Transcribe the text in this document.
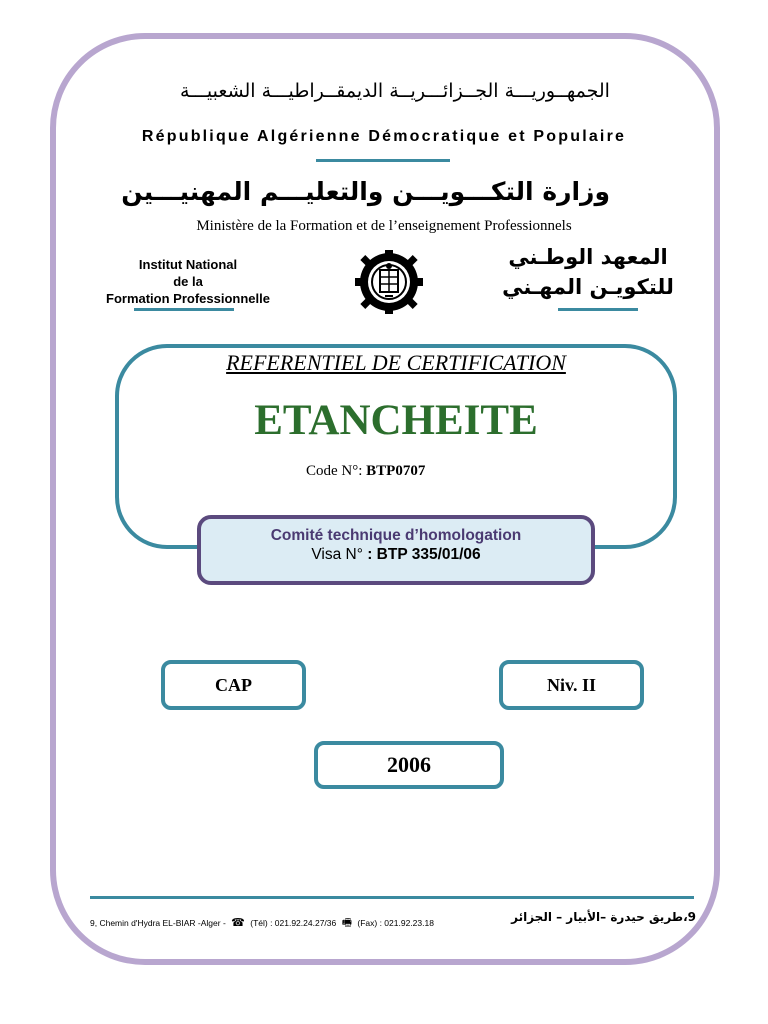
الجمهــوريـــة الجــزائـــريــة الديمقــراطيـــة الشعبيـــة
République Algérienne Démocratique et Populaire
وزارة التكـــويـــن والتعليـــم المهنيـــين
Ministère de la Formation et de l’enseignement Professionnels
Institut National
de la
Formation Professionnelle
المعهد الوطـني
للتكويـن المهـني
REFERENTIEL DE CERTIFICATION
ETANCHEITE
Code N°: BTP0707
Comité technique d’homologation
Visa N° : BTP 335/01/06
CAP	Niv. II
2006
9, Chemin d'Hydra EL-BIAR -Alger - ☎ (Tél) : 021.92.24.27/36 🖷 (Fax) : 021.92.23.18	9،طريق حيدرة –الأبيار – الجزائر
